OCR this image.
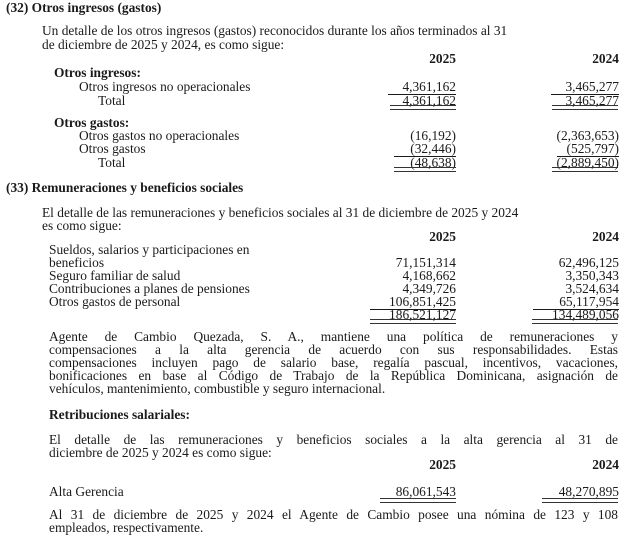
(32) Otros ingresos (gastos)
Un detalle de los otros ingresos (gastos) reconocidos durante los años terminados al 31
de diciembre de 2025 y 2024, es como sigue:
2025	2024
Otros ingresos:
Otros ingresos no operacionales	4,361,162	3,465,277
Total	4,361,162	3,465,277
Otros gastos:
Otros gastos no operacionales	(16,192)	(2,363,653)
Otros gastos	(32,446)	(525,797)
Total	(48,638)	(2,889,450)
(33) Remuneraciones y beneficios sociales
El detalle de las remuneraciones y beneficios sociales al 31 de diciembre de 2025 y 2024
es como sigue:
2025	2024
Sueldos, salarios y participaciones en
beneficios	71,151,314	62,496,125
Seguro familiar de salud	4,168,662	3,350,343
Contribuciones a planes de pensiones	4,349,726	3,524,634
Otros gastos de personal	106,851,425	65,117,954
186,521,127	134,489,056
Agente de Cambio Quezada, S. A., mantiene una política de remuneraciones y
compensaciones a la alta gerencia de acuerdo con sus responsabilidades. Estas
compensaciones incluyen pago de salario base, regalía pascual, incentivos, vacaciones,
bonificaciones en base al Código de Trabajo de la República Dominicana, asignación de
vehículos, mantenimiento, combustible y seguro internacional.
Retribuciones salariales:
El detalle de las remuneraciones y beneficios sociales a la alta gerencia al 31 de
diciembre de 2025 y 2024 es como sigue:
2025	2024
Alta Gerencia	86,061,543	48,270,895
Al 31 de diciembre de 2025 y 2024 el Agente de Cambio posee una nómina de 123 y 108
empleados, respectivamente.
